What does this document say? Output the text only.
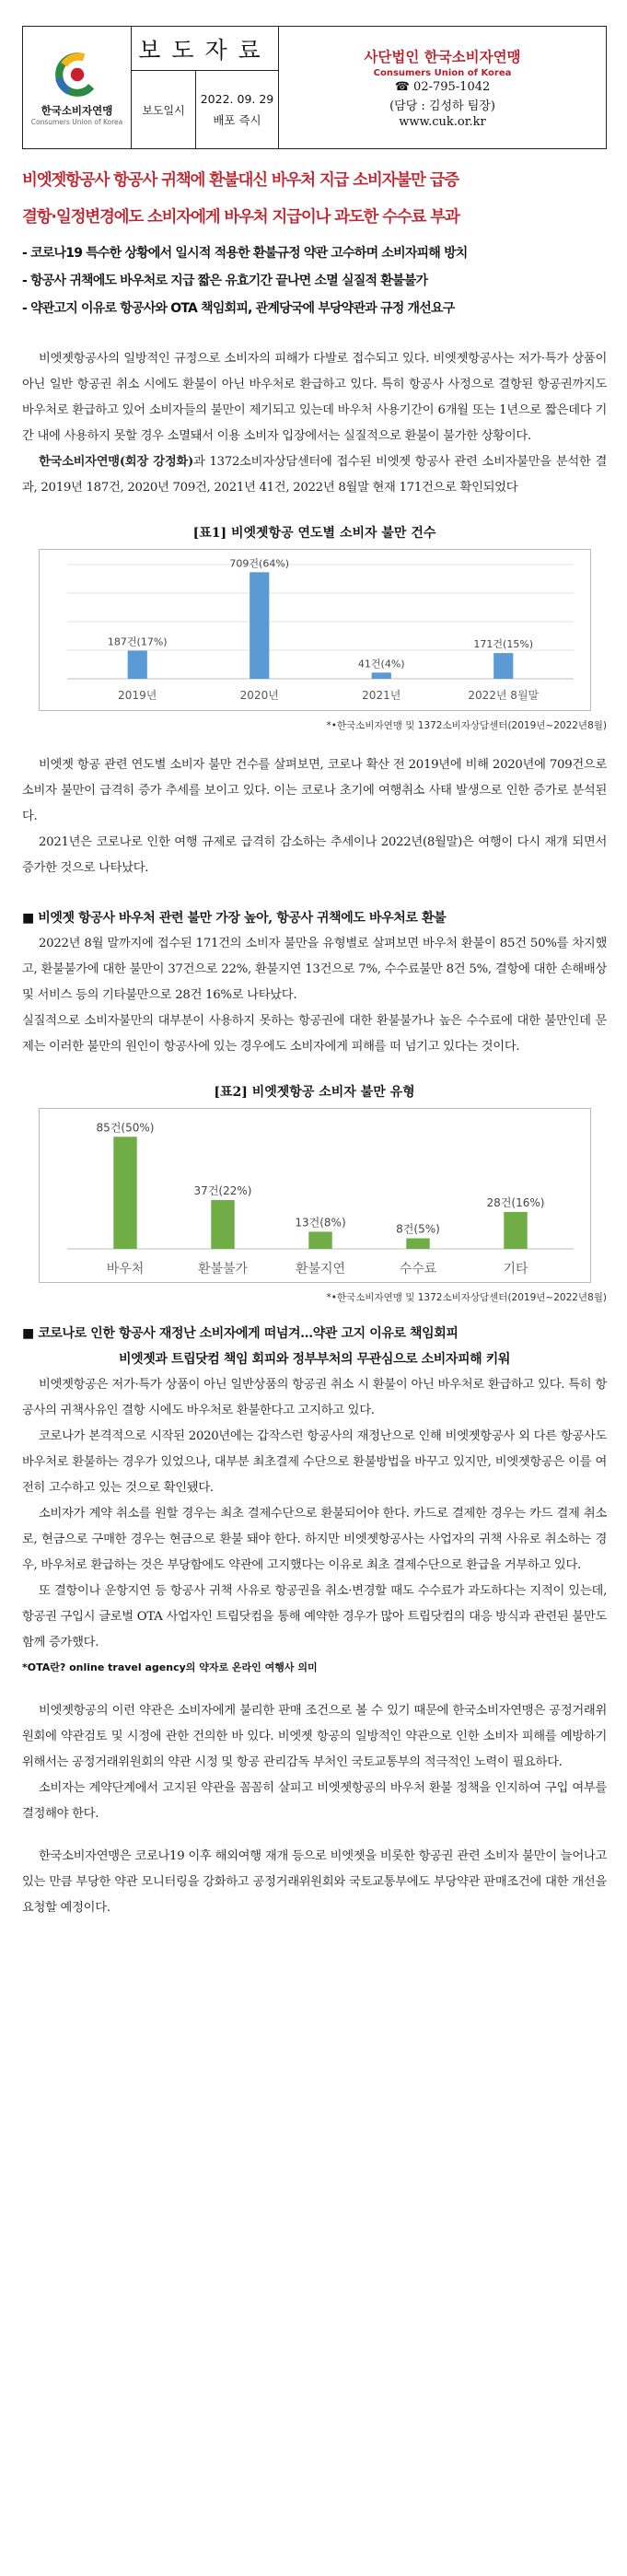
한국소비자연맹
Consumers Union of Korea
보도자료
보도일시
2022. 09. 29
배포 즉시
사단법인 한국소비자연맹
Consumers Union of Korea
☎ 02-795-1042
(담당 : 김성하 팀장)
www.cuk.or.kr
비엣젯항공사 항공사 귀책에 환불대신 바우처 지급 소비자불만 급증
결항·일정변경에도 소비자에게 바우처 지급이나 과도한 수수료 부과
- 코로나19 특수한 상황에서 일시적 적용한 환불규정 약관 고수하며 소비자피해 방치
- 항공사 귀책에도 바우처로 지급 짧은 유효기간 끝나면 소멸 실질적 환불불가
- 약관고지 이유로 항공사와 OTA 책임회피, 관계당국에 부당약관과 규정 개선요구

비엣젯항공사의 일방적인 규정으로 소비자의 피해가 다발로 접수되고 있다. 비엣젯항공사는 저가·특가 상품이 아닌 일반 항공권 취소 시에도 환불이 아닌 바우처로 환급하고 있다. 특히 항공사 사정으로 결항된 항공권까지도 바우처로 환급하고 있어 소비자들의 불만이 제기되고 있는데 바우처 사용기간이 6개월 또는 1년으로 짧은데다 기간 내에 사용하지 못할 경우 소멸돼서 이용 소비자 입장에서는 실질적으로 환불이 불가한 상황이다.

한국소비자연맹(회장 강정화)과 1372소비자상담센터에 접수된 비엣젯 항공사 관련 소비자불만을 분석한 결과, 2019년 187건, 2020년 709건, 2021년 41건, 2022년 8월말 현재 171건으로 확인되었다

[표1] 비엣젯항공 연도별 소비자 불만 건수
187건(17%)
2019년
709건(64%)
2020년
41건(4%)
2021년
171건(15%)
2022년 8월말
*•한국소비자연맹 및 1372소비자상담센터(2019년~2022년8월)

비엣젯 항공 관련 연도별 소비자 불만 건수를 살펴보면, 코로나 확산 전 2019년에 비해 2020년에 709건으로 소비자 불만이 급격히 증가 추세를 보이고 있다. 이는 코로나 초기에 여행취소 사태 발생으로 인한 증가로 분석된다.

2021년은 코로나로 인한 여행 규제로 급격히 감소하는 추세이나 2022년(8월말)은 여행이 다시 재개 되면서 증가한 것으로 나타났다.

■ 비엣젯 항공사 바우처 관련 불만 가장 높아, 항공사 귀책에도 바우처로 환불

2022년 8월 말까지에 접수된 171건의 소비자 불만을 유형별로 살펴보면 바우처 환불이 85건 50%를 차지했고, 환불불가에 대한 불만이 37건으로 22%, 환불지연 13건으로 7%, 수수료불만 8건 5%, 결항에 대한 손해배상 및 서비스 등의 기타불만으로 28건 16%로 나타났다.

실질적으로 소비자불만의 대부분이 사용하지 못하는 항공권에 대한 환불불가나 높은 수수료에 대한 불만인데 문제는 이러한 불만의 원인이 항공사에 있는 경우에도 소비자에게 피해를 떠 넘기고 있다는 것이다.

[표2] 비엣젯항공 소비자 불만 유형
85건(50%)
바우처
37건(22%)
환불불가
13건(8%)
환불지연
8건(5%)
수수료
28건(16%)
기타
*•한국소비자연맹 및 1372소비자상담센터(2019년~2022년8월)
■ 코로나로 인한 항공사 재정난 소비자에게 떠넘겨…약관 고지 이유로 책임회피
비엣젯과 트립닷컴 책임 회피와 정부부처의 무관심으로 소비자피해 키워

비엣젯항공은 저가·특가 상품이 아닌 일반상품의 항공권 취소 시 환불이 아닌 바우처로 환급하고 있다. 특히 항공사의 귀책사유인 결항 시에도 바우처로 환불한다고 고지하고 있다.

코로나가 본격적으로 시작된 2020년에는 갑작스런 항공사의 재정난으로 인해 비엣젯항공사 외 다른 항공사도 바우처로 환불하는 경우가 있었으나, 대부분 최초결제 수단으로 환불방법을 바꾸고 있지만, 비엣젯항공은 이를 여전히 고수하고 있는 것으로 확인됐다.

소비자가 계약 취소를 원할 경우는 최초 결제수단으로 환불되어야 한다. 카드로 결제한 경우는 카드 결제 취소로, 현금으로 구매한 경우는 현금으로 환불 돼야 한다. 하지만 비엣젯항공사는 사업자의 귀책 사유로 취소하는 경우, 바우처로 환급하는 것은 부당함에도 약관에 고지했다는 이유로 최초 결제수단으로 환급을 거부하고 있다.

또 결항이나 운항지연 등 항공사 귀책 사유로 항공권을 취소·변경할 때도 수수료가 과도하다는 지적이 있는데, 항공권 구입시 글로벌 OTA 사업자인 트립닷컴을 통해 예약한 경우가 많아 트립닷컴의 대응 방식과 관련된 불만도 함께 증가했다.

*OTA란? online travel agency의 약자로 온라인 여행사 의미

비엣젯항공의 이런 약관은 소비자에게 불리한 판매 조건으로 볼 수 있기 때문에 한국소비자연맹은 공정거래위원회에 약관검토 및 시정에 관한 건의한 바 있다. 비엣젯 항공의 일방적인 약관으로 인한 소비자 피해를 예방하기 위해서는 공정거래위원회의 약관 시정 및 항공 관리감독 부처인 국토교통부의 적극적인 노력이 필요하다.

소비자는 계약단계에서 고지된 약관을 꼼꼼히 살피고 비엣젯항공의 바우처 환불 정책을 인지하여 구입 여부를 결정해야 한다.

한국소비자연맹은 코로나19 이후 해외여행 재개 등으로 비엣젯을 비롯한 항공권 관련 소비자 불만이 늘어나고 있는 만큼 부당한 약관 모니터링을 강화하고 공정거래위원회와 국토교통부에도 부당약관 판매조건에 대한 개선을 요청할 예정이다.
